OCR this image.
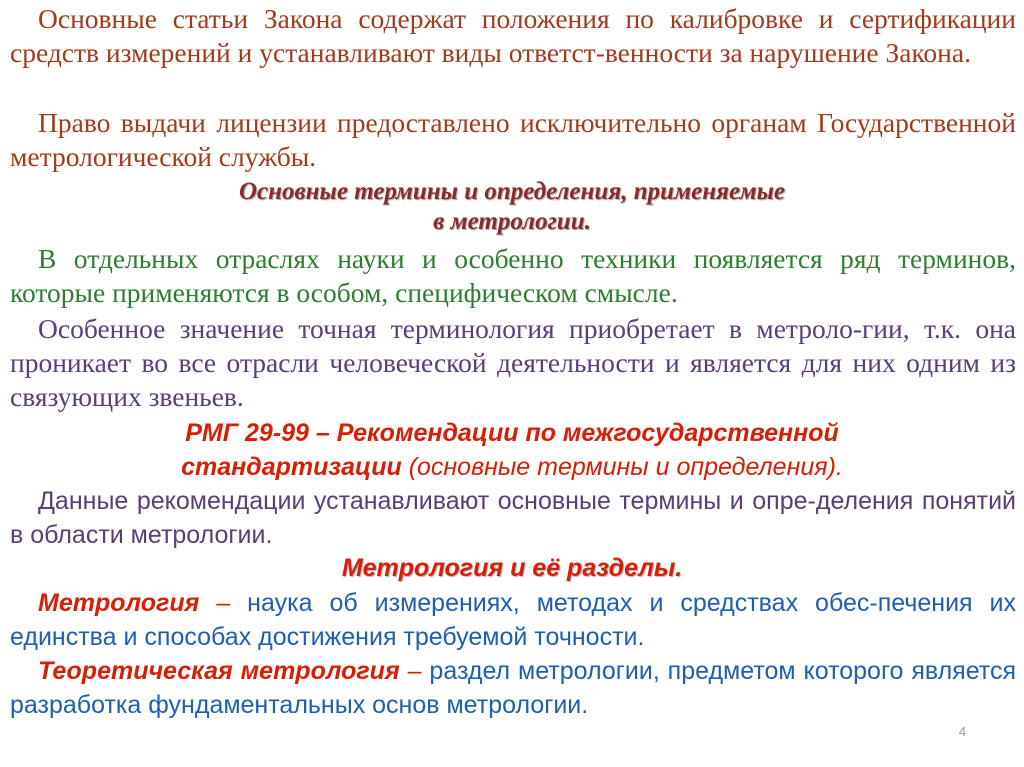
Основные статьи Закона содержат положения по калибровке и сертификации средств измерений и устанавливают виды ответст-венности за нарушение Закона.

Право выдачи лицензии предоставлено исключительно органам Государственной метрологической службы.

Основные термины и определения, применяемые

в метрологии.

В отдельных отраслях науки и особенно техники появляется ряд терминов, которые применяются в особом, специфическом смысле.

Особенное значение точная терминология приобретает в метроло-гии, т.к. она проникает во все отрасли человеческой деятельности и является для них одним из связующих звеньев.

РМГ 29-99 – Рекомендации по межгосударственной

стандартизации (основные термины и определения).

Данные рекомендации устанавливают основные термины и опре-деления понятий в области метрологии.

Метрология и её разделы.

Метрология – наука об измерениях, методах и средствах обес-печения их единства и способах достижения требуемой точности.

Теоретическая метрология – раздел метрологии, предметом которого является разработка фундаментальных основ метрологии.

4
